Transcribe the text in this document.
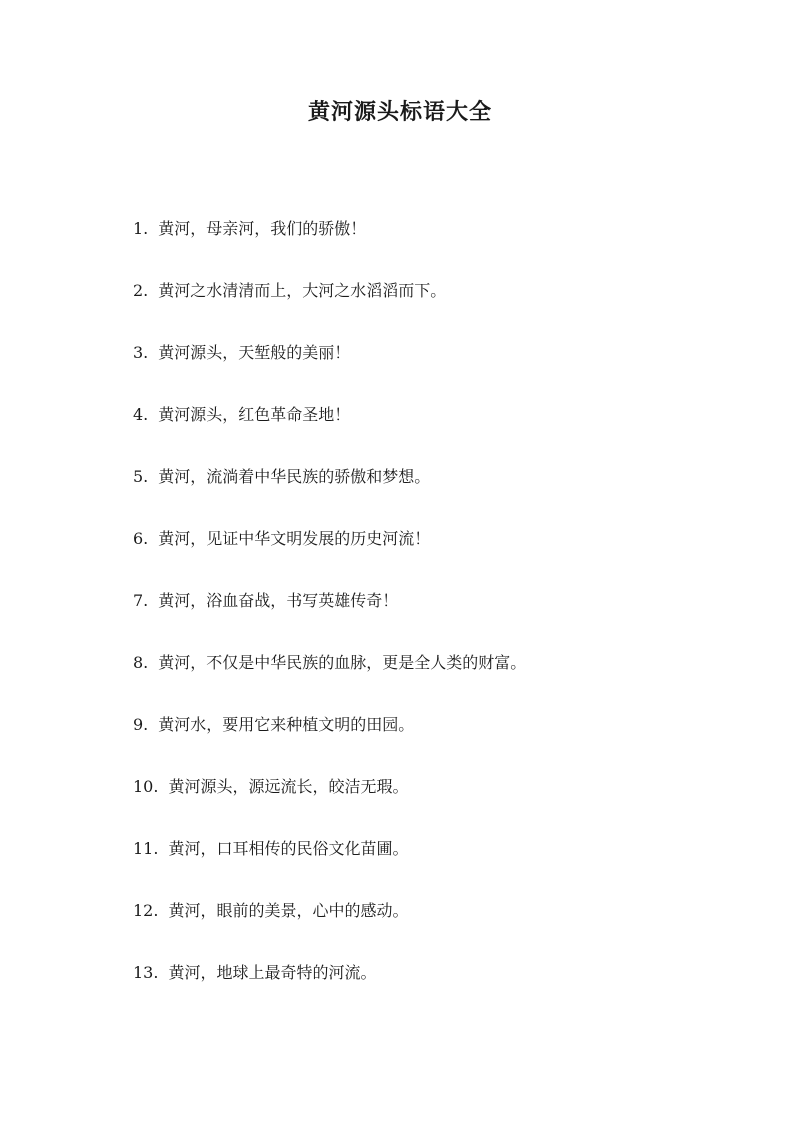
黄河源头标语大全
1. 黄河，母亲河，我们的骄傲！
2. 黄河之水清清而上，大河之水滔滔而下。
3. 黄河源头，天堑般的美丽！
4. 黄河源头，红色革命圣地！
5. 黄河，流淌着中华民族的骄傲和梦想。
6. 黄河，见证中华文明发展的历史河流！
7. 黄河，浴血奋战，书写英雄传奇！
8. 黄河，不仅是中华民族的血脉，更是全人类的财富。
9. 黄河水，要用它来种植文明的田园。
10. 黄河源头，源远流长，皎洁无瑕。
11. 黄河，口耳相传的民俗文化苗圃。
12. 黄河，眼前的美景，心中的感动。
13. 黄河，地球上最奇特的河流。
